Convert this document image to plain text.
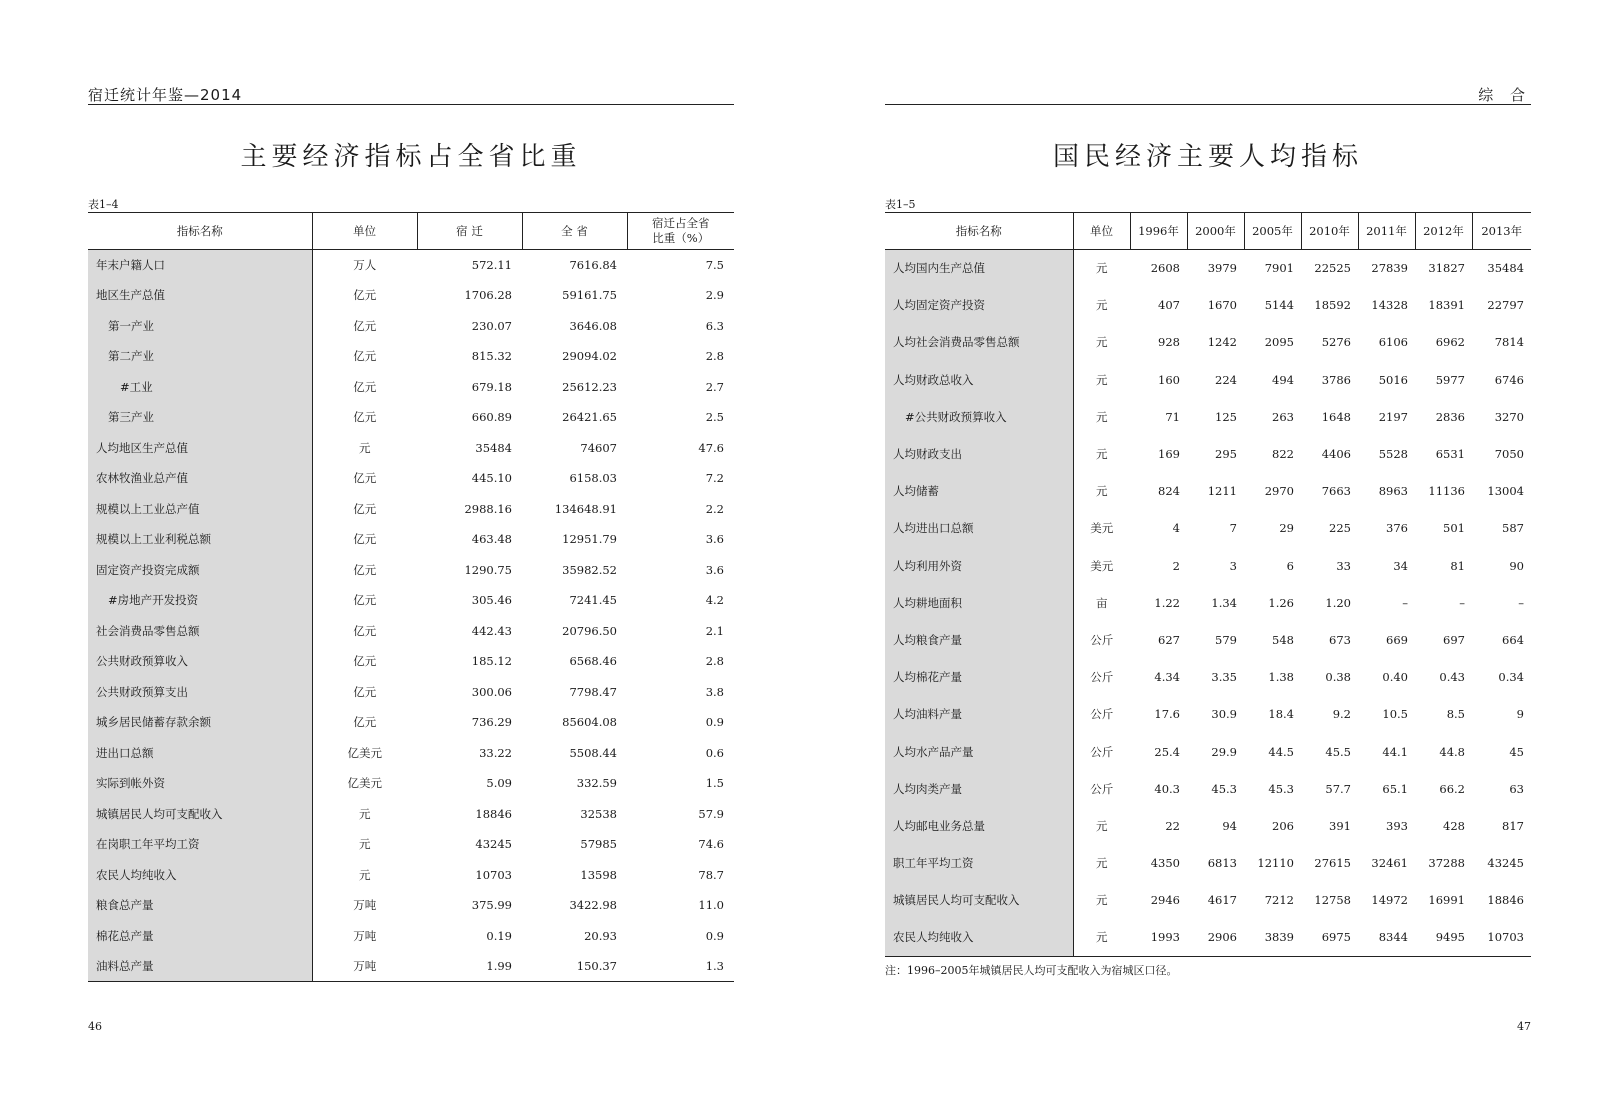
宿迁统计年鉴—2014
主要经济指标占全省比重
表1–4
指标名称	单位	宿 迁	全 省	宿迁占全省
比重（%）
年末户籍人口	万人	572.11	7616.84	7.5
地区生产总值	亿元	1706.28	59161.75	2.9
第一产业	亿元	230.07	3646.08	6.3
第二产业	亿元	815.32	29094.02	2.8
#工业	亿元	679.18	25612.23	2.7
第三产业	亿元	660.89	26421.65	2.5
人均地区生产总值	元	35484	74607	47.6
农林牧渔业总产值	亿元	445.10	6158.03	7.2
规模以上工业总产值	亿元	2988.16	134648.91	2.2
规模以上工业利税总额	亿元	463.48	12951.79	3.6
固定资产投资完成额	亿元	1290.75	35982.52	3.6
#房地产开发投资	亿元	305.46	7241.45	4.2
社会消费品零售总额	亿元	442.43	20796.50	2.1
公共财政预算收入	亿元	185.12	6568.46	2.8
公共财政预算支出	亿元	300.06	7798.47	3.8
城乡居民储蓄存款余额	亿元	736.29	85604.08	0.9
进出口总额	亿美元	33.22	5508.44	0.6
实际到帐外资	亿美元	5.09	332.59	1.5
城镇居民人均可支配收入	元	18846	32538	57.9
在岗职工年平均工资	元	43245	57985	74.6
农民人均纯收入	元	10703	13598	78.7
粮食总产量	万吨	375.99	3422.98	11.0
棉花总产量	万吨	0.19	20.93	0.9
油料总产量	万吨	1.99	150.37	1.3
46
综 合
国民经济主要人均指标
表1–5
指标名称	单位	1996年	2000年	2005年	2010年	2011年	2012年	2013年
人均国内生产总值	元	2608	3979	7901	22525	27839	31827	35484
人均固定资产投资	元	407	1670	5144	18592	14328	18391	22797
人均社会消费品零售总额	元	928	1242	2095	5276	6106	6962	7814
人均财政总收入	元	160	224	494	3786	5016	5977	6746
#公共财政预算收入	元	71	125	263	1648	2197	2836	3270
人均财政支出	元	169	295	822	4406	5528	6531	7050
人均储蓄	元	824	1211	2970	7663	8963	11136	13004
人均进出口总额	美元	4	7	29	225	376	501	587
人均利用外资	美元	2	3	6	33	34	81	90
人均耕地面积	亩	1.22	1.34	1.26	1.20	–	–	–
人均粮食产量	公斤	627	579	548	673	669	697	664
人均棉花产量	公斤	4.34	3.35	1.38	0.38	0.40	0.43	0.34
人均油料产量	公斤	17.6	30.9	18.4	9.2	10.5	8.5	9
人均水产品产量	公斤	25.4	29.9	44.5	45.5	44.1	44.8	45
人均肉类产量	公斤	40.3	45.3	45.3	57.7	65.1	66.2	63
人均邮电业务总量	元	22	94	206	391	393	428	817
职工年平均工资	元	4350	6813	12110	27615	32461	37288	43245
城镇居民人均可支配收入	元	2946	4617	7212	12758	14972	16991	18846
农民人均纯收入	元	1993	2906	3839	6975	8344	9495	10703
注：1996–2005年城镇居民人均可支配收入为宿城区口径。
47
